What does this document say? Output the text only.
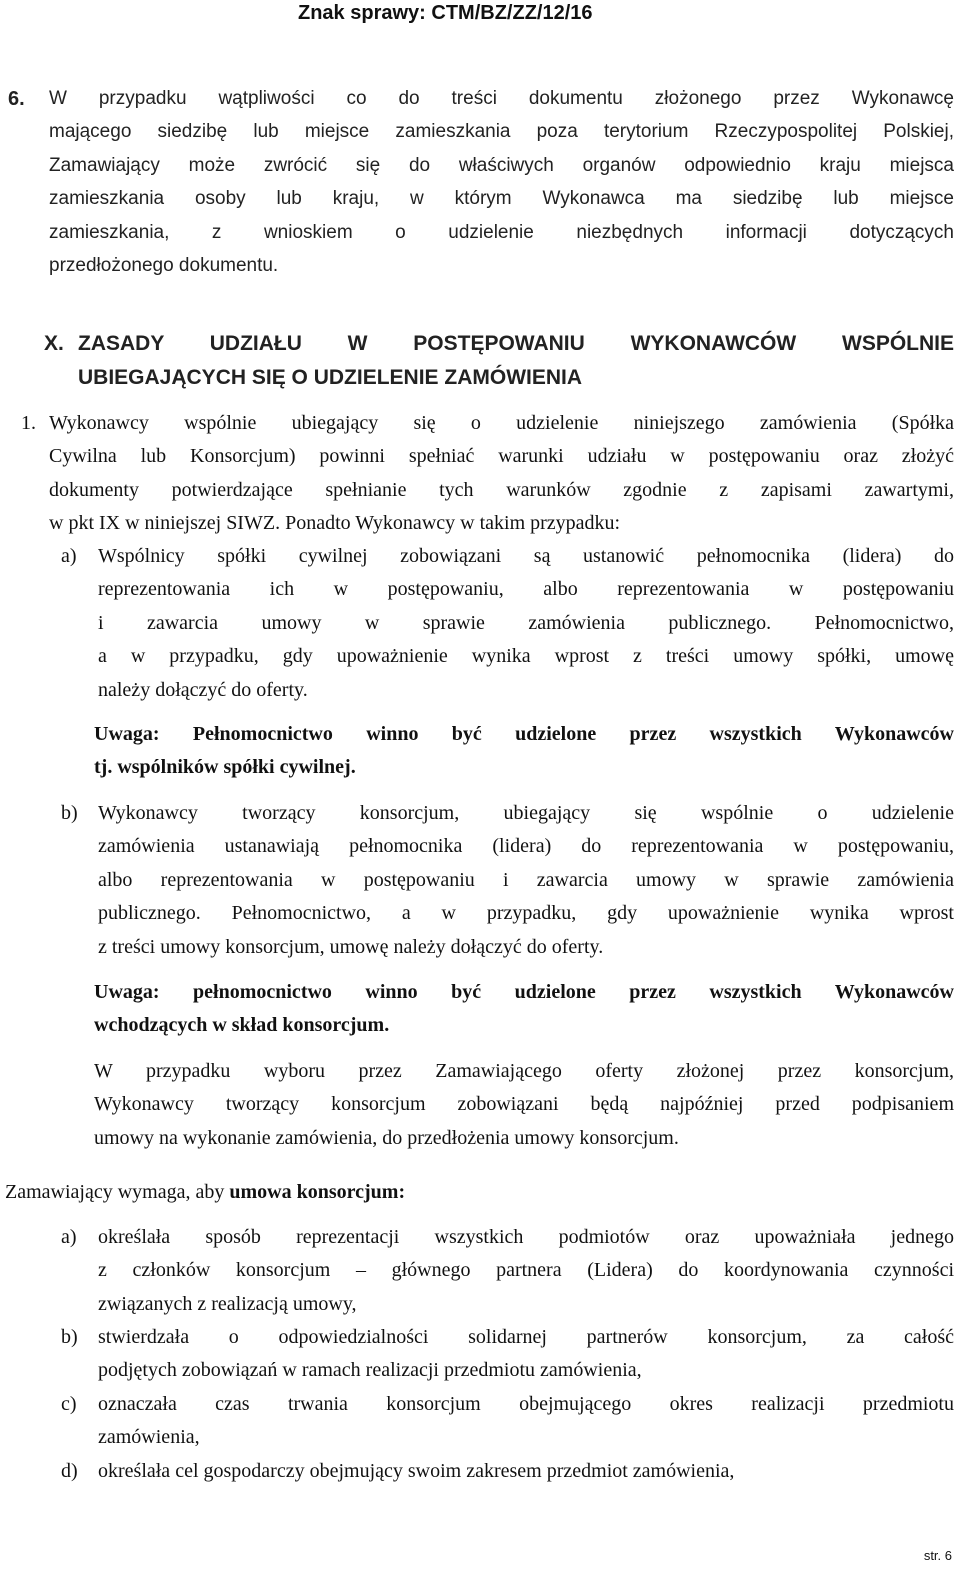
Znak sprawy: CTM/BZ/ZZ/12/16
6. W przypadku wątpliwości co do treści dokumentu złożonego przez Wykonawcę
mającego siedzibę lub miejsce zamieszkania poza terytorium Rzeczypospolitej Polskiej,
Zamawiający może zwrócić się do właściwych organów odpowiednio kraju miejsca
zamieszkania osoby lub kraju, w którym Wykonawca ma siedzibę lub miejsce
zamieszkania, z wnioskiem o udzielenie niezbędnych informacji dotyczących
przedłożonego dokumentu.
X. ZASADY UDZIAŁU W POSTĘPOWANIU WYKONAWCÓW WSPÓLNIE
UBIEGAJĄCYCH SIĘ O UDZIELENIE ZAMÓWIENIA
1. Wykonawcy wspólnie ubiegający się o udzielenie niniejszego zamówienia (Spółka
Cywilna lub Konsorcjum) powinni spełniać warunki udziału w postępowaniu oraz złożyć
dokumenty potwierdzające spełnianie tych warunków zgodnie z zapisami zawartymi,
w pkt IX w niniejszej SIWZ. Ponadto Wykonawcy w takim przypadku:
a) Wspólnicy spółki cywilnej zobowiązani są ustanowić pełnomocnika (lidera) do
reprezentowania ich w postępowaniu, albo reprezentowania w postępowaniu
i zawarcia umowy w sprawie zamówienia publicznego. Pełnomocnictwo,
a w przypadku, gdy upoważnienie wynika wprost z treści umowy spółki, umowę
należy dołączyć do oferty.
Uwaga: Pełnomocnictwo winno być udzielone przez wszystkich Wykonawców
tj. wspólników spółki cywilnej.
b) Wykonawcy tworzący konsorcjum, ubiegający się wspólnie o udzielenie
zamówienia ustanawiają pełnomocnika (lidera) do reprezentowania w postępowaniu,
albo reprezentowania w postępowaniu i zawarcia umowy w sprawie zamówienia
publicznego. Pełnomocnictwo, a w przypadku, gdy upoważnienie wynika wprost
z treści umowy konsorcjum, umowę należy dołączyć do oferty.
Uwaga: pełnomocnictwo winno być udzielone przez wszystkich Wykonawców
wchodzących w skład konsorcjum.
W przypadku wyboru przez Zamawiającego oferty złożonej przez konsorcjum,
Wykonawcy tworzący konsorcjum zobowiązani będą najpóźniej przed podpisaniem
umowy na wykonanie zamówienia, do przedłożenia umowy konsorcjum.
Zamawiający wymaga, aby umowa konsorcjum:
a) określała sposób reprezentacji wszystkich podmiotów oraz upoważniała jednego
z członków konsorcjum – głównego partnera (Lidera) do koordynowania czynności
związanych z realizacją umowy,
b) stwierdzała o odpowiedzialności solidarnej partnerów konsorcjum, za całość
podjętych zobowiązań w ramach realizacji przedmiotu zamówienia,
c) oznaczała czas trwania konsorcjum obejmującego okres realizacji przedmiotu
zamówienia,
d) określała cel gospodarczy obejmujący swoim zakresem przedmiot zamówienia,
str. 6
